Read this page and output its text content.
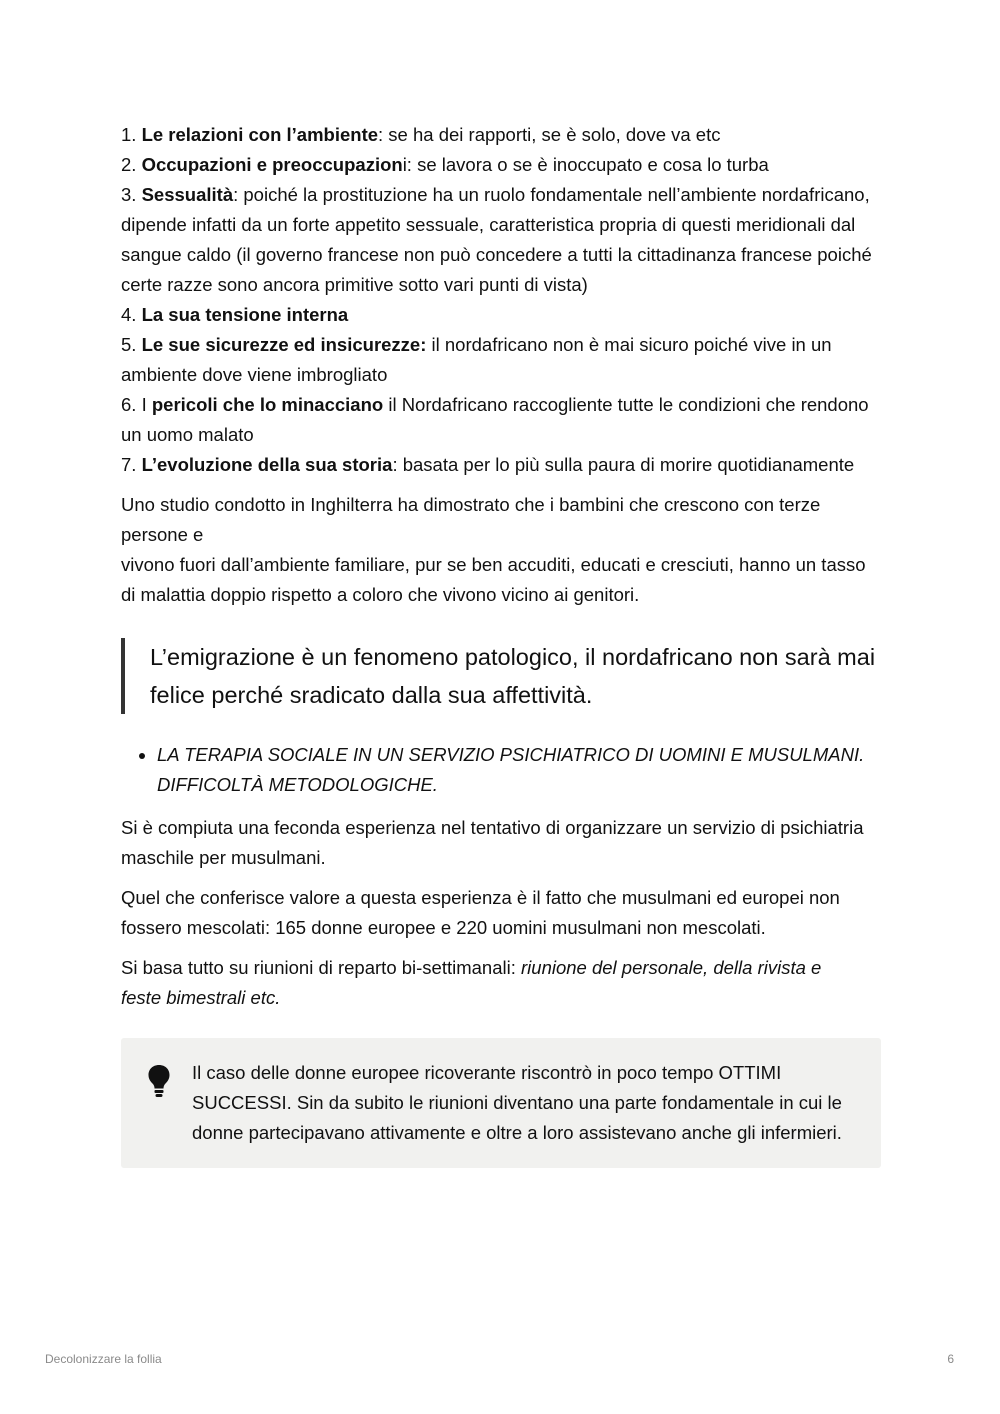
1. Le relazioni con l’ambiente: se ha dei rapporti, se è solo, dove va etc
2. Occupazioni e preoccupazioni: se lavora o se è inoccupato e cosa lo turba
3. Sessualità: poiché la prostituzione ha un ruolo fondamentale nell’ambiente nordafricano, dipende infatti da un forte appetito sessuale, caratteristica propria di questi meridionali dal sangue caldo (il governo francese non può concedere a tutti la cittadinanza francese poiché certe razze sono ancora primitive sotto vari punti di vista)
4. La sua tensione interna
5. Le sue sicurezze ed insicurezze: il nordafricano non è mai sicuro poiché vive in un ambiente dove viene imbrogliato
6. I pericoli che lo minacciano il Nordafricano raccogliente tutte le condizioni che rendono un uomo malato
7. L’evoluzione della sua storia: basata per lo più sulla paura di morire quotidianamente
Uno studio condotto in Inghilterra ha dimostrato che i bambini che crescono con terze persone e
vivono fuori dall’ambiente familiare, pur se ben accuditi, educati e cresciuti, hanno un tasso di malattia doppio rispetto a coloro che vivono vicino ai genitori.
L’emigrazione è un fenomeno patologico, il nordafricano non sarà mai felice perché sradicato dalla sua affettività.
• LA TERAPIA SOCIALE IN UN SERVIZIO PSICHIATRICO DI UOMINI E MUSULMANI. DIFFICOLTÀ METODOLOGICHE.
Si è compiuta una feconda esperienza nel tentativo di organizzare un servizio di psichiatria maschile per musulmani.
Quel che conferisce valore a questa esperienza è il fatto che musulmani ed europei non fossero mescolati: 165 donne europee e 220 uomini musulmani non mescolati.
Si basa tutto su riunioni di reparto bi-settimanali: riunione del personale, della rivista e
feste bimestrali etc.
Il caso delle donne europee ricoverante riscontrò in poco tempo OTTIMI SUCCESSI. Sin da subito le riunioni diventano una parte fondamentale in cui le donne partecipavano attivamente e oltre a loro assistevano anche gli infermieri.
Decolonizzare la follia	6
